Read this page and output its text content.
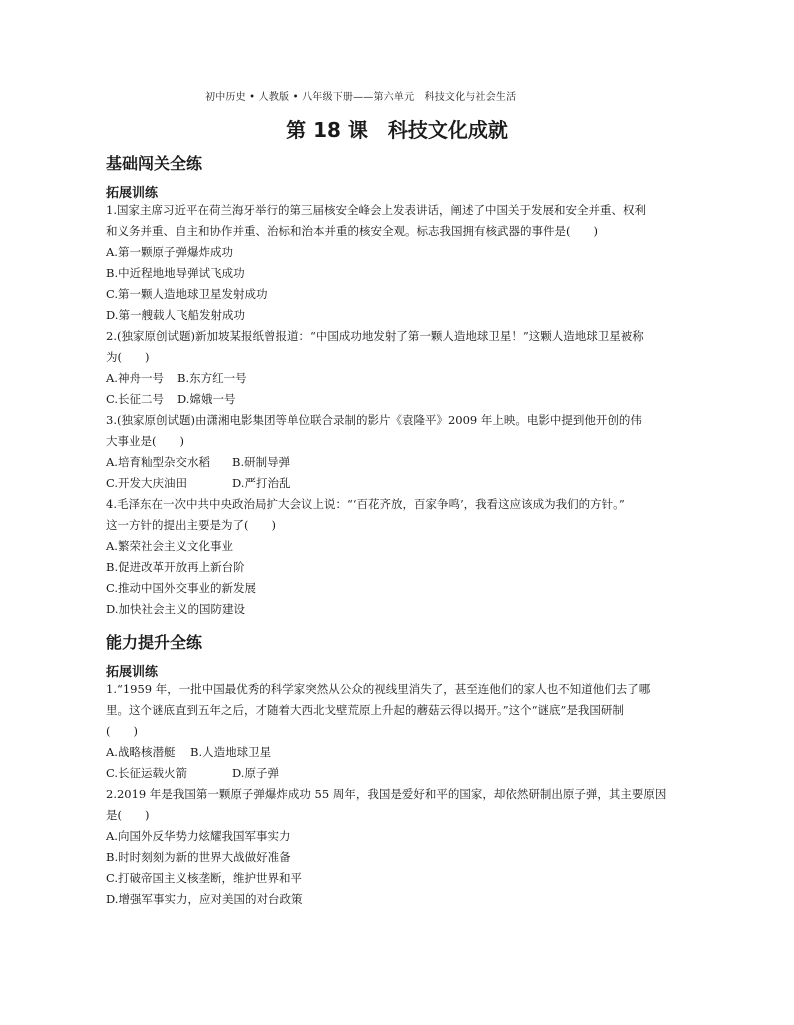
初中历史 • 人教版 • 八年级下册——第六单元　科技文化与社会生活
第 18 课　科技文化成就
基础闯关全练
拓展训练
1.国家主席习近平在荷兰海牙举行的第三届核安全峰会上发表讲话，阐述了中国关于发展和安全并重、权利
和义务并重、自主和协作并重、治标和治本并重的核安全观。标志我国拥有核武器的事件是(　　)
A.第一颗原子弹爆炸成功
B.中近程地地导弹试飞成功
C.第一颗人造地球卫星发射成功
D.第一艘载人飞船发射成功
2.(独家原创试题)新加坡某报纸曾报道：“中国成功地发射了第一颗人造地球卫星！”这颗人造地球卫星被称
为(　　)
A.神舟一号 B.东方红一号
C.长征二号 D.嫦娥一号
3.(独家原创试题)由潇湘电影集团等单位联合录制的影片《袁隆平》2009 年上映。电影中提到他开创的伟
大事业是(　　)
A.培育籼型杂交水稻 B.研制导弹
C.开发大庆油田	D.严打治乱
4.毛泽东在一次中共中央政治局扩大会议上说：“‘百花齐放，百家争鸣’，我看这应该成为我们的方针。”
这一方针的提出主要是为了(　　)
A.繁荣社会主义文化事业
B.促进改革开放再上新台阶
C.推动中国外交事业的新发展
D.加快社会主义的国防建设
能力提升全练
拓展训练
1.“1959 年，一批中国最优秀的科学家突然从公众的视线里消失了，甚至连他们的家人也不知道他们去了哪
里。这个谜底直到五年之后，才随着大西北戈壁荒原上升起的蘑菇云得以揭开。”这个“谜底”是我国研制
(　　)
A.战略核潜艇 B.人造地球卫星
C.长征运载火箭	D.原子弹
2.2019 年是我国第一颗原子弹爆炸成功 55 周年，我国是爱好和平的国家，却依然研制出原子弹，其主要原因
是(　　)
A.向国外反华势力炫耀我国军事实力
B.时时刻刻为新的世界大战做好准备
C.打破帝国主义核垄断，维护世界和平
D.增强军事实力，应对美国的对台政策
